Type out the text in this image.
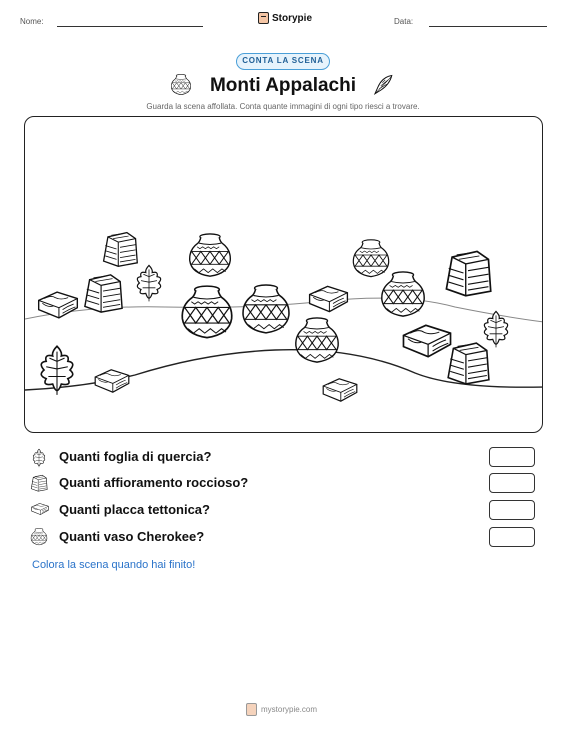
Nome:	Storypie	Data:
CONTA LA SCENA
Monti Appalachi
Guarda la scena affollata. Conta quante immagini di ogni tipo riesci a trovare.
Quanti foglia di quercia?
Quanti affioramento roccioso?
Quanti placca tettonica?
Quanti vaso Cherokee?
Colora la scena quando hai finito!
mystorypie.com
